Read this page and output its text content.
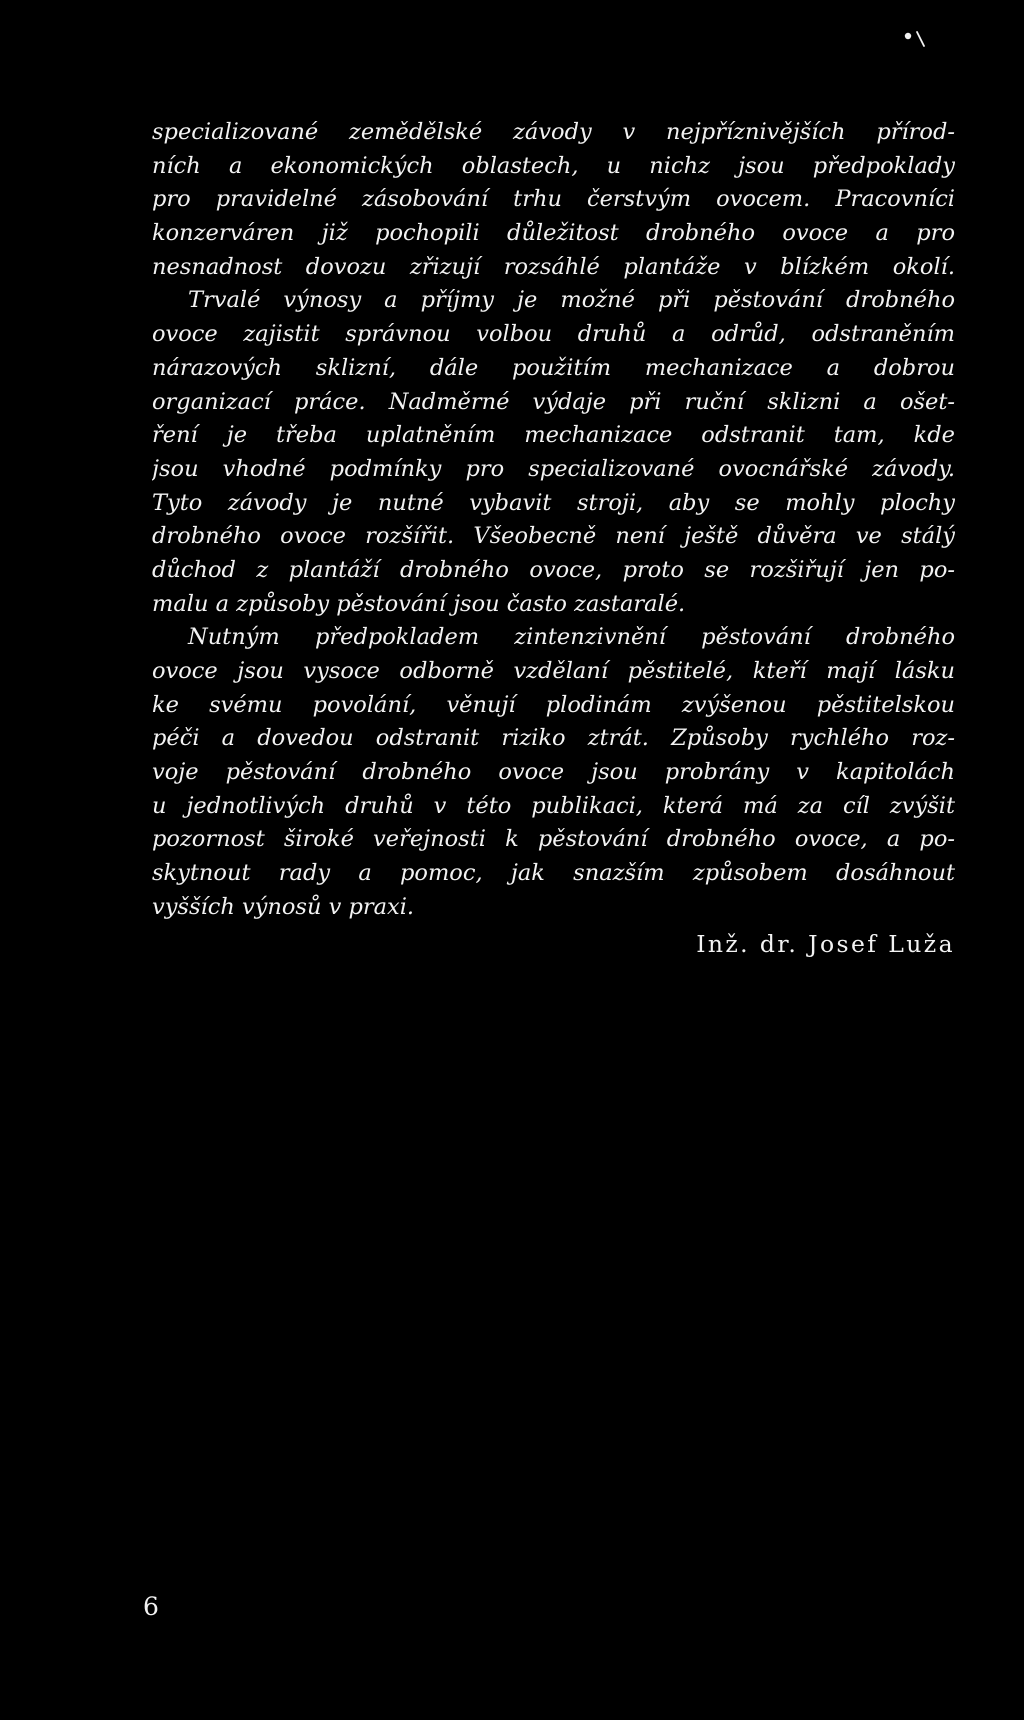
specializované zemědělské závody v nejpříznivějších přírod-
ních a ekonomických oblastech, u nichz jsou předpoklady
pro pravidelné zásobování trhu čerstvým ovocem. Pracovníci
konzerváren již pochopili důležitost drobného ovoce a pro
nesnadnost dovozu zřizují rozsáhlé plantáže v blízkém okolí.
Trvalé výnosy a příjmy je možné při pěstování drobného
ovoce zajistit správnou volbou druhů a odrůd, odstraněním
nárazových sklizní, dále použitím mechanizace a dobrou
organizací práce. Nadměrné výdaje při ruční sklizni a ošet-
ření je třeba uplatněním mechanizace odstranit tam, kde
jsou vhodné podmínky pro specializované ovocnářské závody.
Tyto závody je nutné vybavit stroji, aby se mohly plochy
drobného ovoce rozšířit. Všeobecně není ještě důvěra ve stálý
důchod z plantáží drobného ovoce, proto se rozšiřují jen po-
malu a způsoby pěstování jsou často zastaralé.
Nutným předpokladem zintenzivnění pěstování drobného
ovoce jsou vysoce odborně vzdělaní pěstitelé, kteří mají lásku
ke svému povolání, věnují plodinám zvýšenou pěstitelskou
péči a dovedou odstranit riziko ztrát. Způsoby rychlého roz-
voje pěstování drobného ovoce jsou probrány v kapitolách
u jednotlivých druhů v této publikaci, která má za cíl zvýšit
pozornost široké veřejnosti k pěstování drobného ovoce, a po-
skytnout rady a pomoc, jak snazším způsobem dosáhnout
vyšších výnosů v praxi.
Inž. dr. Josef Luža
6
